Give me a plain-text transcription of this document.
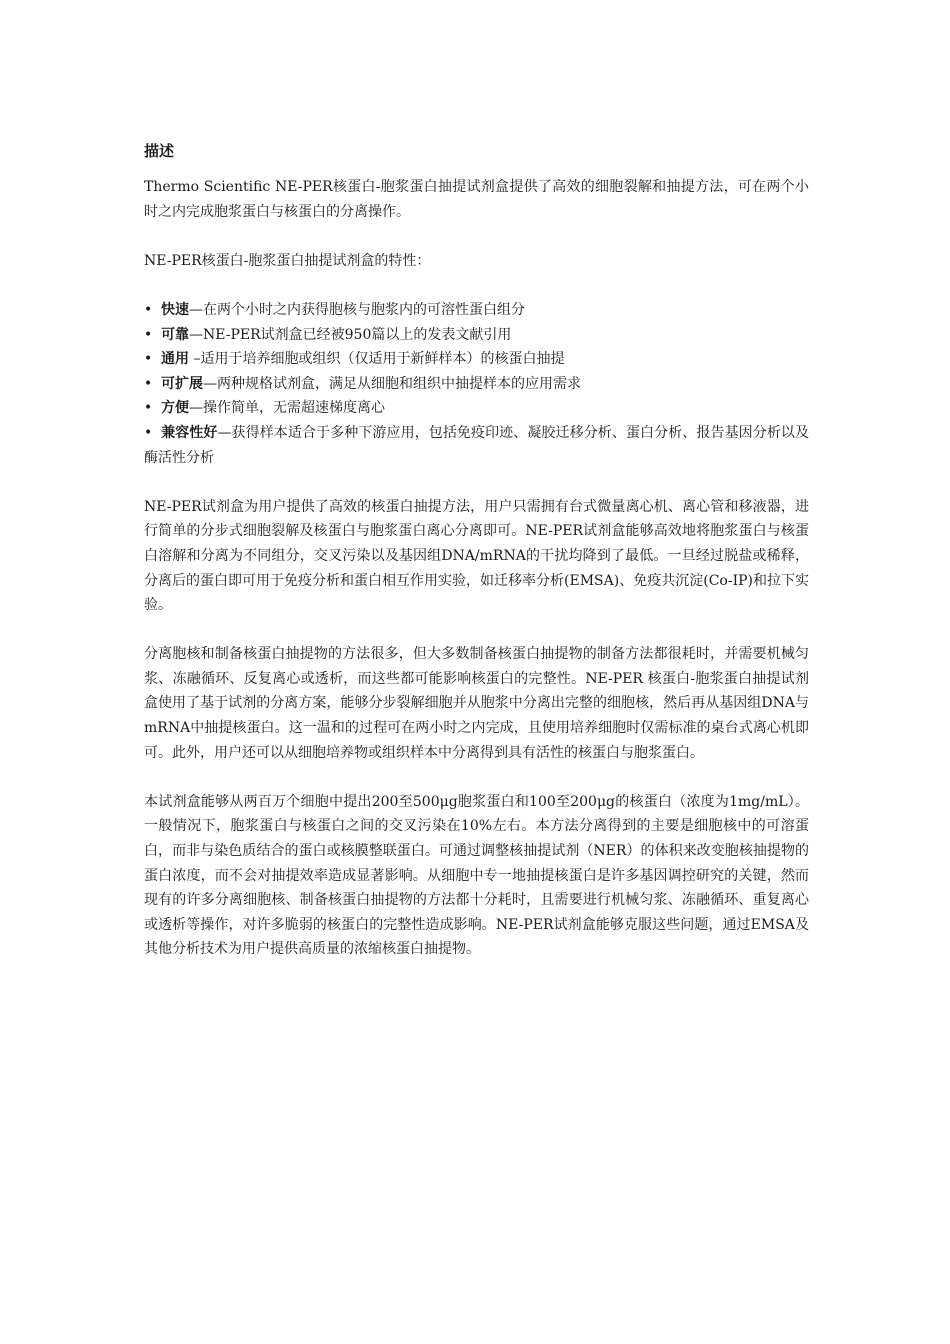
描述

Thermo Scientific NE-PER核蛋白-胞浆蛋白抽提试剂盒提供了高效的细胞裂解和抽提方法，可在两个小时之内完成胞浆蛋白与核蛋白的分离操作。

NE-PER核蛋白-胞浆蛋白抽提试剂盒的特性：

• 快速—在两个小时之内获得胞核与胞浆内的可溶性蛋白组分
• 可靠—NE-PER试剂盒已经被950篇以上的发表文献引用
• 通用 –适用于培养细胞或组织（仅适用于新鲜样本）的核蛋白抽提
• 可扩展—两种规格试剂盒，满足从细胞和组织中抽提样本的应用需求
• 方便—操作简单，无需超速梯度离心
• 兼容性好—获得样本适合于多种下游应用，包括免疫印迹、凝胶迁移分析、蛋白分析、报告基因分析以及酶活性分析

NE-PER试剂盒为用户提供了高效的核蛋白抽提方法，用户只需拥有台式微量离心机、离心管和移液器，进行简单的分步式细胞裂解及核蛋白与胞浆蛋白离心分离即可。NE-PER试剂盒能够高效地将胞浆蛋白与核蛋白溶解和分离为不同组分，交叉污染以及基因组DNA/mRNA的干扰均降到了最低。一旦经过脱盐或稀释，分离后的蛋白即可用于免疫分析和蛋白相互作用实验，如迁移率分析(EMSA)、免疫共沉淀(Co-IP)和拉下实验。

分离胞核和制备核蛋白抽提物的方法很多，但大多数制备核蛋白抽提物的制备方法都很耗时，并需要机械匀浆、冻融循环、反复离心或透析，而这些都可能影响核蛋白的完整性。NE-PER 核蛋白-胞浆蛋白抽提试剂盒使用了基于试剂的分离方案，能够分步裂解细胞并从胞浆中分离出完整的细胞核，然后再从基因组DNA与mRNA中抽提核蛋白。这一温和的过程可在两小时之内完成，且使用培养细胞时仅需标准的桌台式离心机即可。此外，用户还可以从细胞培养物或组织样本中分离得到具有活性的核蛋白与胞浆蛋白。

本试剂盒能够从两百万个细胞中提出200至500μg胞浆蛋白和100至200μg的核蛋白（浓度为1mg/mL）。一般情况下，胞浆蛋白与核蛋白之间的交叉污染在10%左右。本方法分离得到的主要是细胞核中的可溶蛋白，而非与染色质结合的蛋白或核膜整联蛋白。可通过调整核抽提试剂（NER）的体积来改变胞核抽提物的蛋白浓度，而不会对抽提效率造成显著影响。从细胞中专一地抽提核蛋白是许多基因调控研究的关键，然而现有的许多分离细胞核、制备核蛋白抽提物的方法都十分耗时，且需要进行机械匀浆、冻融循环、重复离心或透析等操作，对许多脆弱的核蛋白的完整性造成影响。NE-PER试剂盒能够克服这些问题，通过EMSA及其他分析技术为用户提供高质量的浓缩核蛋白抽提物。
